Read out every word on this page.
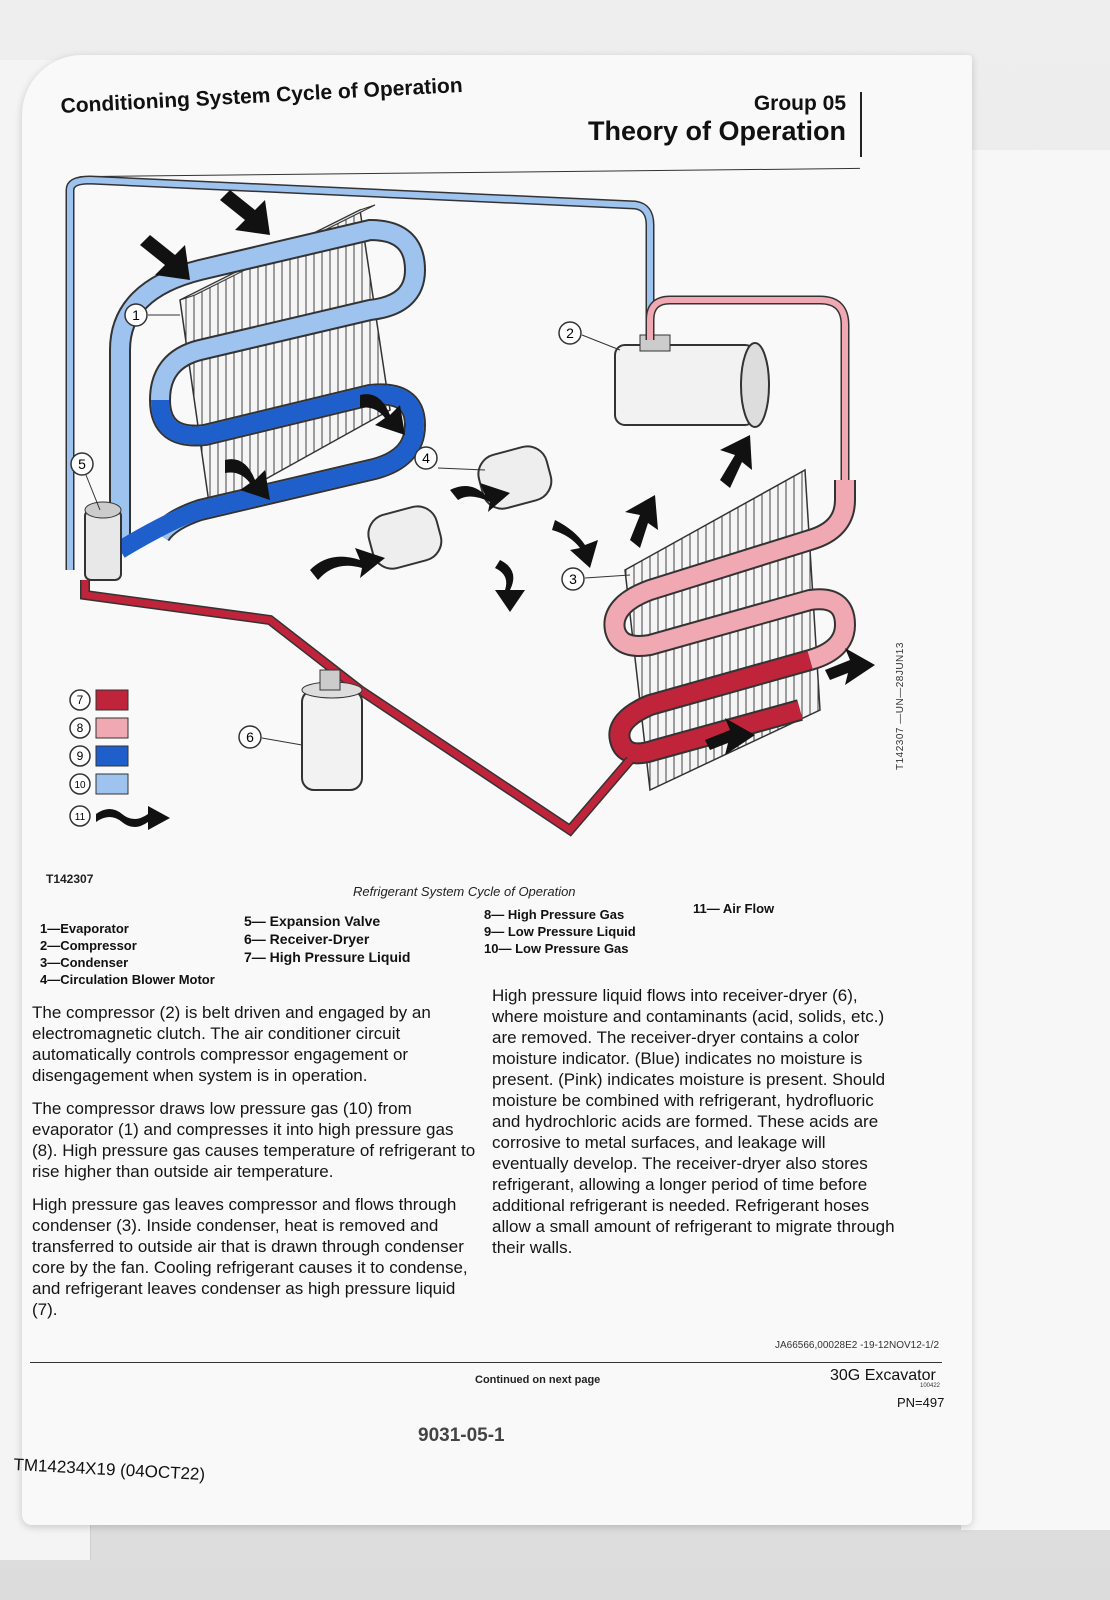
Conditioning System Cycle of Operation	Group 05
Theory of Operation
1
2
3
4
5
6
7
8
9
10
11
T142307 —UN—28JUN13
T142307
Refrigerant System Cycle of Operation
1—Evaporator
2—Compressor
3—Condenser
4—Circulation Blower Motor
5— Expansion Valve
6— Receiver-Dryer
7— High Pressure Liquid
8— High Pressure Gas
9— Low Pressure Liquid
10— Low Pressure Gas
11— Air Flow

The compressor (2) is belt driven and engaged by an electromagnetic clutch. The air conditioner circuit automatically controls compressor engagement or disengagement when system is in operation.

The compressor draws low pressure gas (10) from evaporator (1) and compresses it into high pressure gas (8). High pressure gas causes temperature of refrigerant to rise higher than outside air temperature.

High pressure gas leaves compressor and flows through condenser (3). Inside condenser, heat is removed and transferred to outside air that is drawn through condenser core by the fan. Cooling refrigerant causes it to condense, and refrigerant leaves condenser as high pressure liquid (7).

High pressure liquid flows into receiver-dryer (6), where moisture and contaminants (acid, solids, etc.) are removed. The receiver-dryer contains a color moisture indicator. (Blue) indicates no moisture is present. (Pink) indicates moisture is present. Should moisture be combined with refrigerant, hydrofluoric and hydrochloric acids are formed. These acids are corrosive to metal surfaces, and leakage will eventually develop. The receiver-dryer also stores refrigerant, allowing a longer period of time before additional refrigerant is needed. Refrigerant hoses allow a small amount of refrigerant to migrate through their walls.

JA66566,00028E2 -19-12NOV12-1/2
Continued on next page	30G Excavator
100422
PN=497
9031-05-1
TM14234X19 (04OCT22)
